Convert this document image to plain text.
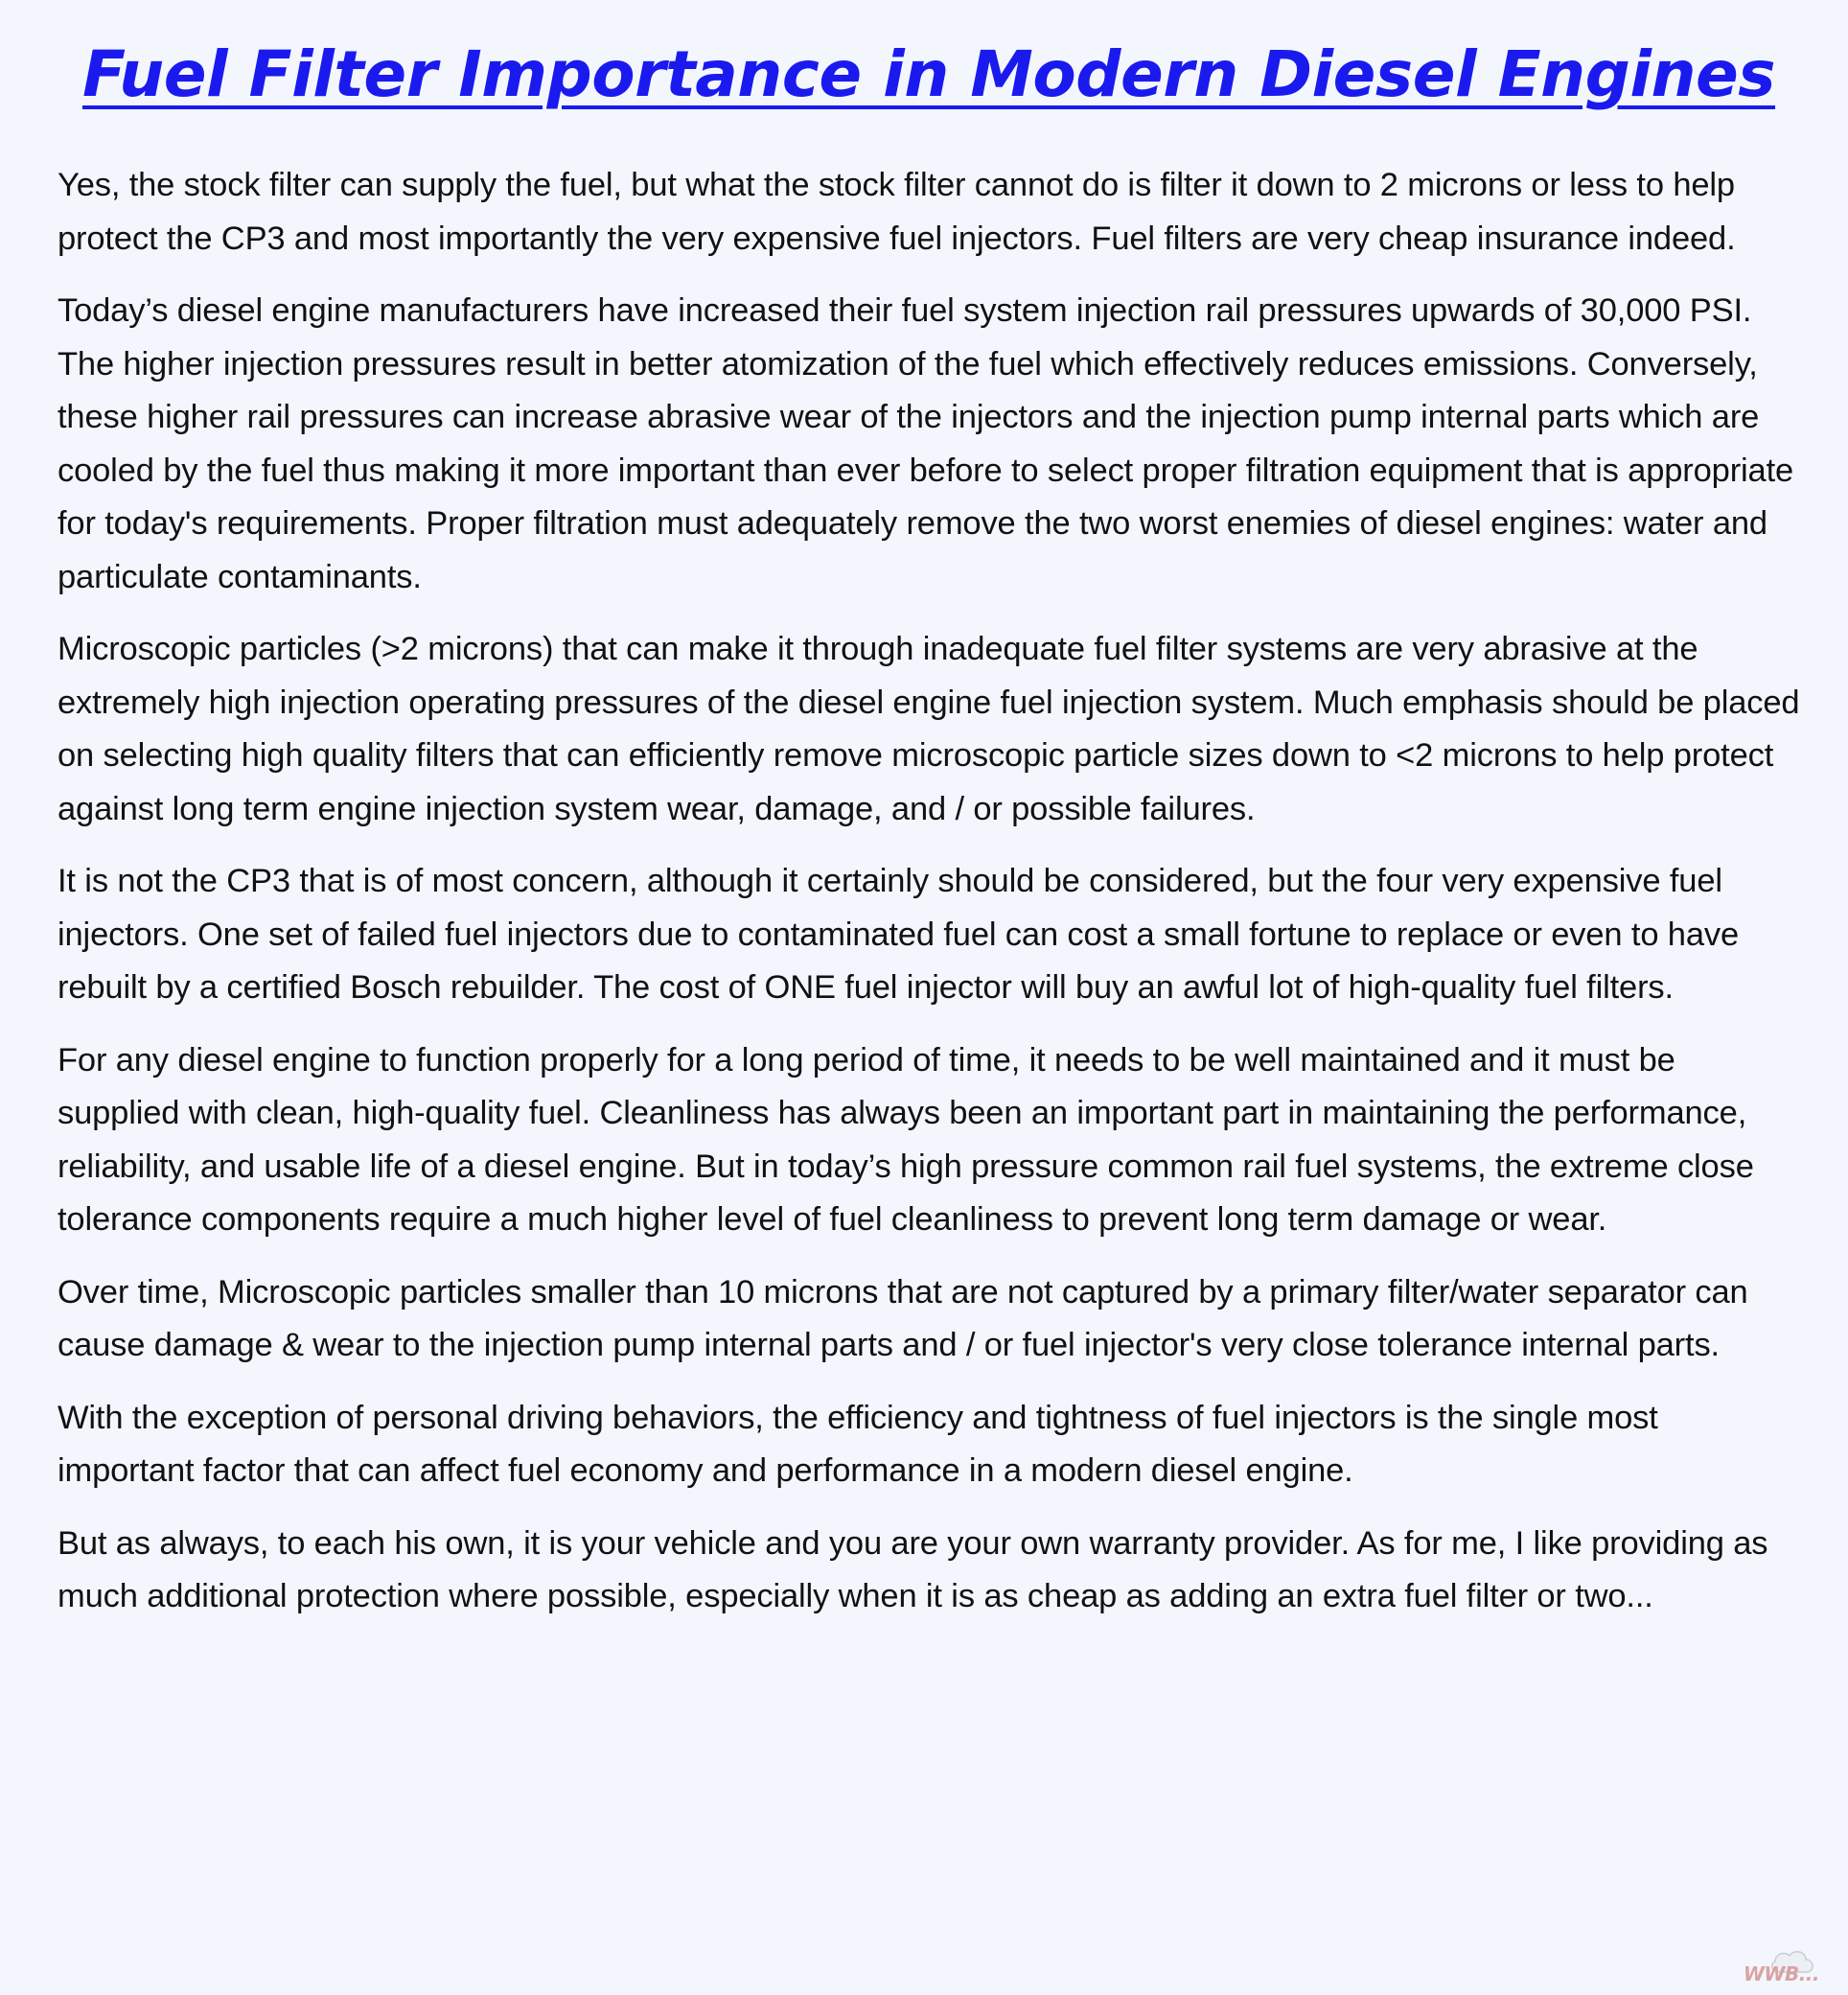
Fuel Filter Importance in Modern Diesel Engines

Yes, the stock filter can supply the fuel, but what the stock filter cannot do is filter it down to 2 microns or less to help protect the CP3 and most importantly the very expensive fuel injectors. Fuel filters are very cheap insurance indeed.

Today’s diesel engine manufacturers have increased their fuel system injection rail pressures upwards of 30,000 PSI. The higher injection pressures result in better atomization of the fuel which effectively reduces emissions. Conversely, these higher rail pressures can increase abrasive wear of the injectors and the injection pump internal parts which are cooled by the fuel thus making it more important than ever before to select proper filtration equipment that is appropriate for today's requirements. Proper filtration must adequately remove the two worst enemies of diesel engines: water and particulate contaminants.

Microscopic particles (>2 microns) that can make it through inadequate fuel filter systems are very abrasive at the extremely high injection operating pressures of the diesel engine fuel injection system. Much emphasis should be placed on selecting high quality filters that can efficiently remove microscopic particle sizes down to <2 microns to help protect against long term engine injection system wear, damage, and / or possible failures.

It is not the CP3 that is of most concern, although it certainly should be considered, but the four very expensive fuel injectors. One set of failed fuel injectors due to contaminated fuel can cost a small fortune to replace or even to have rebuilt by a certified Bosch rebuilder. The cost of ONE fuel injector will buy an awful lot of high-quality fuel filters.

For any diesel engine to function properly for a long period of time, it needs to be well maintained and it must be supplied with clean, high-quality fuel. Cleanliness has always been an important part in maintaining the performance, reliability, and usable life of a diesel engine. But in today’s high pressure common rail fuel systems, the extreme close tolerance components require a much higher level of fuel cleanliness to prevent long term damage or wear.

Over time, Microscopic particles smaller than 10 microns that are not captured by a primary filter/water separator can cause damage & wear to the injection pump internal parts and / or fuel injector's very close tolerance internal parts.

With the exception of personal driving behaviors, the efficiency and tightness of fuel injectors is the single most important factor that can affect fuel economy and performance in a modern diesel engine.

But as always, to each his own, it is your vehicle and you are your own warranty provider. As for me, I like providing as much additional protection where possible, especially when it is as cheap as adding an extra fuel filter or two...

WWB...
